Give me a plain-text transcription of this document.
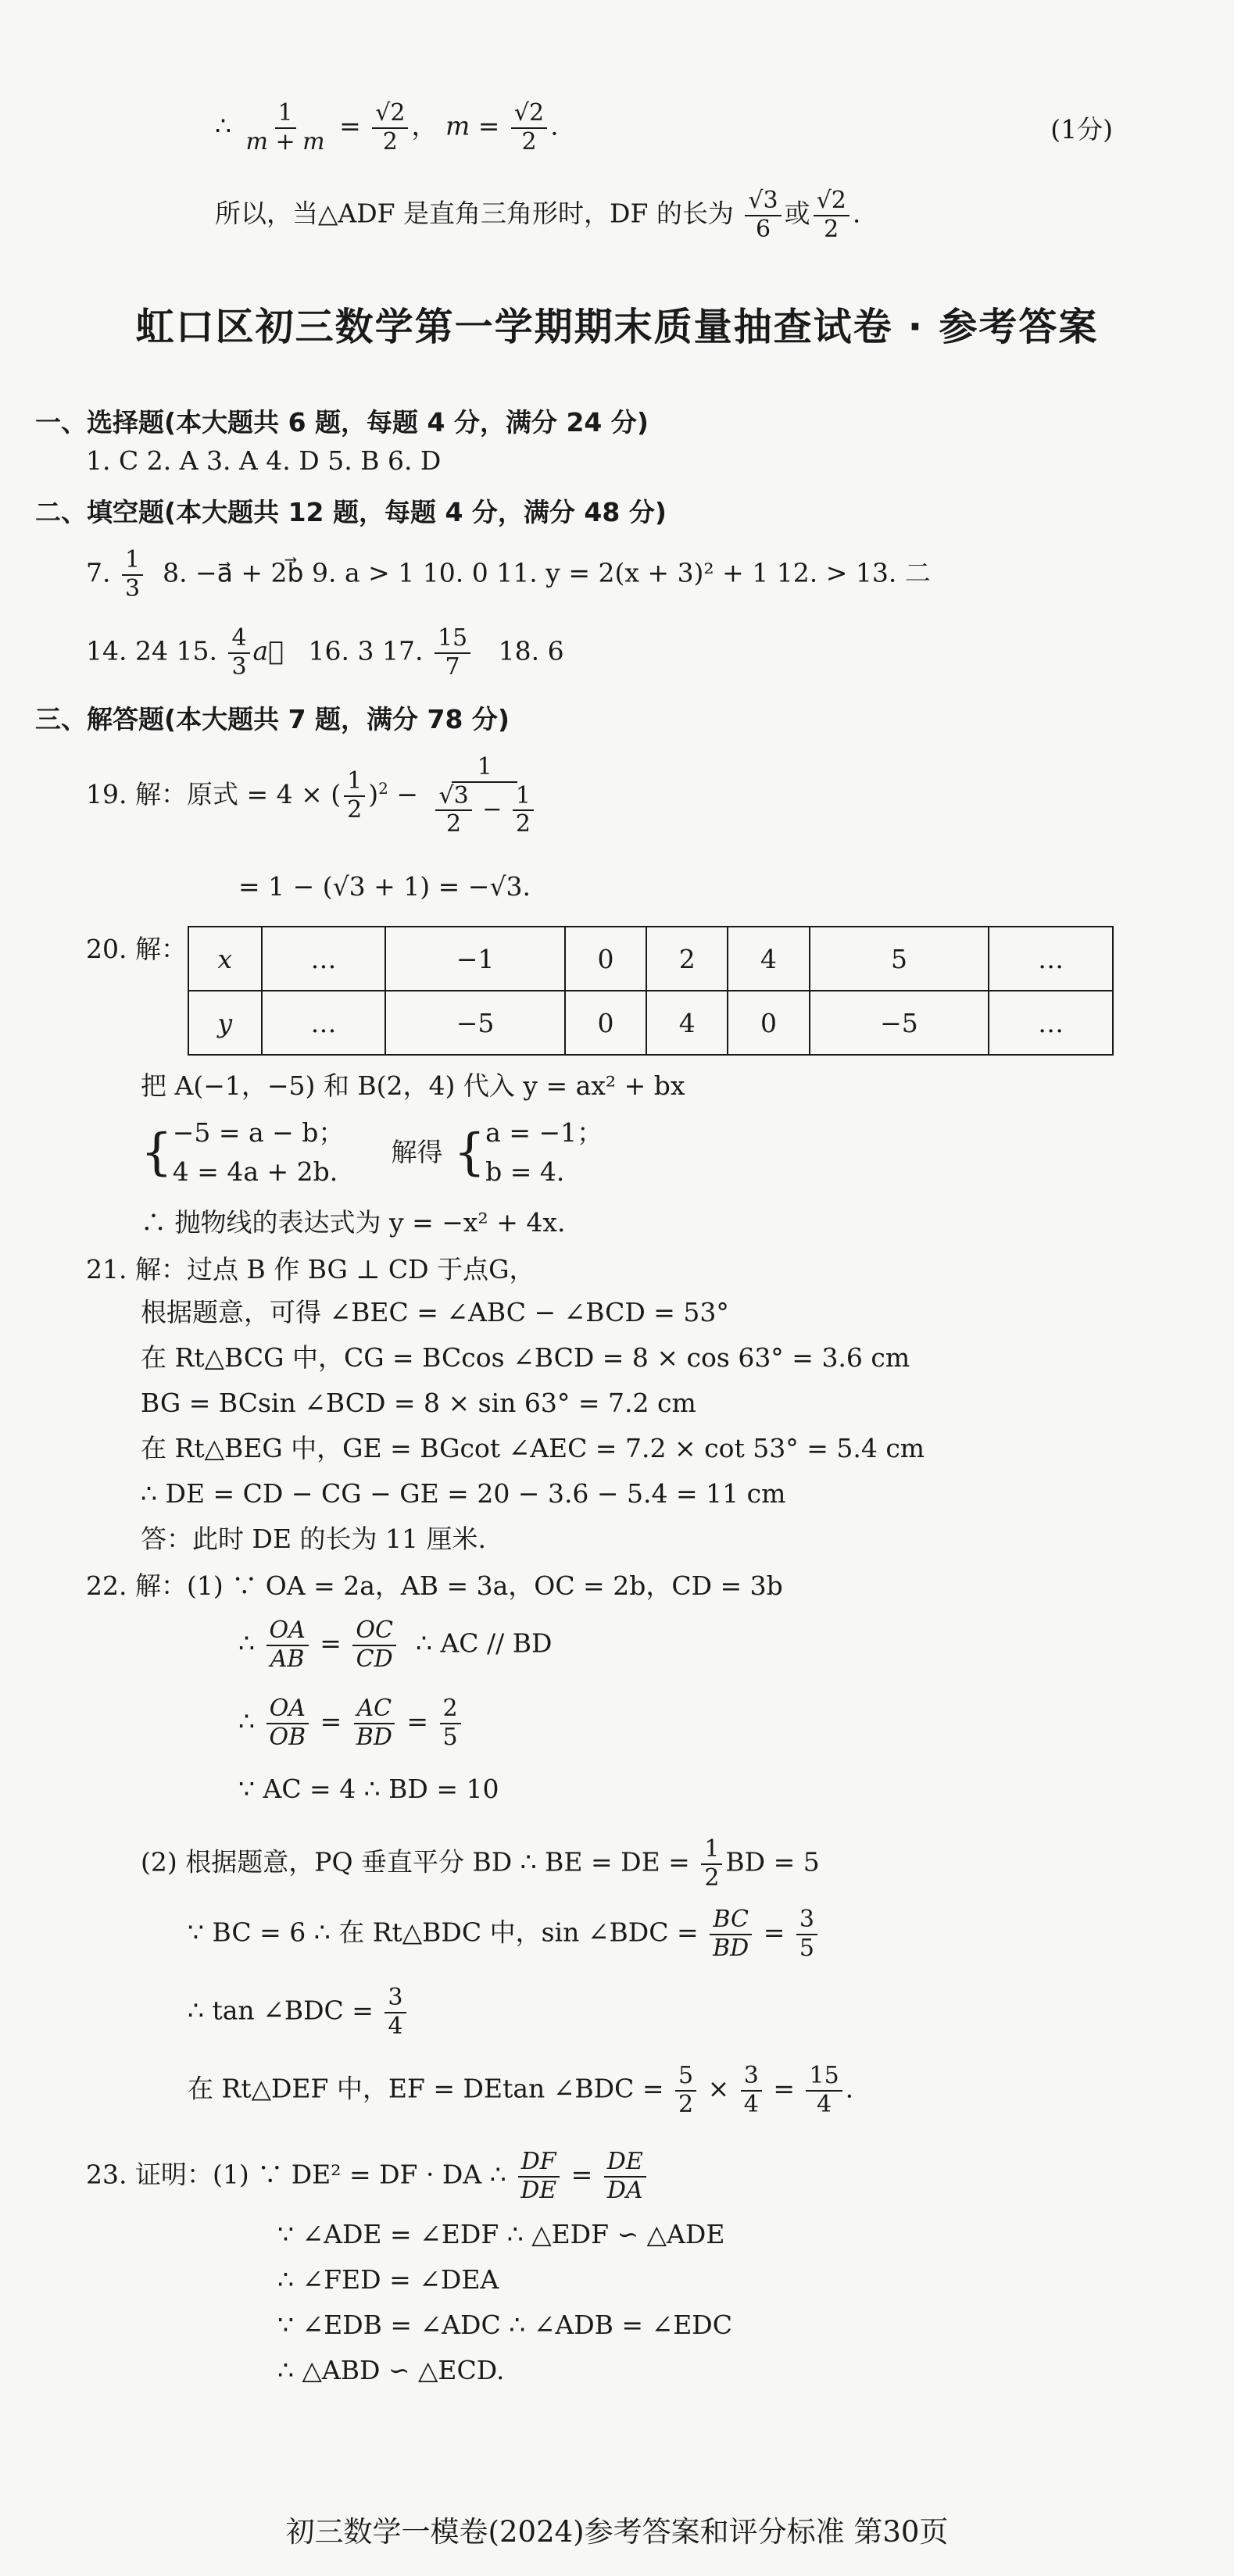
∴ $\frac{1}{m + m} = \frac{√2}{2}$ ， $m = \frac{√2}{2}$ .	(1分)
所以，当△ADF 是直角三角形时，DF 的长为 $\frac{√3}{6}$ 或 $\frac{√2}{2}$ .
虹口区初三数学第一学期期末质量抽查试卷 · 参考答案
一、选择题(本大题共 6 题，每题 4 分，满分 24 分)
1. C 2. A 3. A 4. D 5. B 6. D
二、填空题(本大题共 12 题，每题 4 分，满分 48 分)
7. $\frac{1}{3} 8$. −a⃗ + 2b⃗ 9. a > 1 10. 0 11. y = 2(x + 3)² + 1 12. > 13. 二
14. 24 15. $\frac{4}{3}$ a⃗ 16. 3 17. $\frac{15}{7} 18$. 6
三、解答题(本大题共 7 题，满分 78 分)
19. 解：原式 = 4 × ( $\frac{1}{2} )^2 - \frac{1}{\frac{√3}{2} - \frac{1}{2}}$
= 1 − (√3 + 1) = −√3.
20. 解： x	…	−1	0	2	4	5	…
y	…	−5	0	4	0	−5	…
把 A(−1，−5) 和 B(2，4) 代入 y = ax² + bx
{ −5 = a − b；
4 = 4a + 2b.
解得 { a = −1；
b = 4.
∴ 抛物线的表达式为 y = −x² + 4x.
21. 解：过点 B 作 BG ⊥ CD 于点G，
根据题意，可得 ∠BEC = ∠ABC − ∠BCD = 53°
在 Rt△BCG 中，CG = BCcos ∠BCD = 8 × cos 63° = 3.6 cm
BG = BCsin ∠BCD = 8 × sin 63° = 7.2 cm
在 Rt△BEG 中，GE = BGcot ∠AEC = 7.2 × cot 53° = 5.4 cm
∴ DE = CD − CG − GE = 20 − 3.6 − 5.4 = 11 cm
答：此时 DE 的长为 11 厘米.
22. 解：(1) ∵ OA = 2a，AB = 3a，OC = 2b，CD = 3b
∴ $\frac{OA}{AB} = \frac{OC}{CD}$ ∴ AC // BD
∴ $\frac{OA}{OB} = \frac{AC}{BD} = \frac{2}{5}$
∵ AC = 4 ∴ BD = 10
(2) 根据题意，PQ 垂直平分 BD ∴ BE = DE = $\frac{1}{2}$ BD = 5
∵ BC = 6 ∴ 在 Rt△BDC 中，sin ∠BDC = $\frac{BC}{BD} = \frac{3}{5}$
∴ tan ∠BDC = $\frac{3}{4}$
在 Rt△DEF 中，EF = DEtan ∠BDC = $\frac{5}{2} \times \frac{3}{4} = \frac{15}{4}$ .
23. 证明：(1) ∵ DE² = DF · DA ∴ $\frac{DF}{DE} = \frac{DE}{DA}$
∵ ∠ADE = ∠EDF ∴ △EDF ∽ △ADE
∴ ∠FED = ∠DEA
∵ ∠EDB = ∠ADC ∴ ∠ADB = ∠EDC
∴ △ABD ∽ △ECD.
初三数学一模卷(2024)参考答案和评分标准 第30页
